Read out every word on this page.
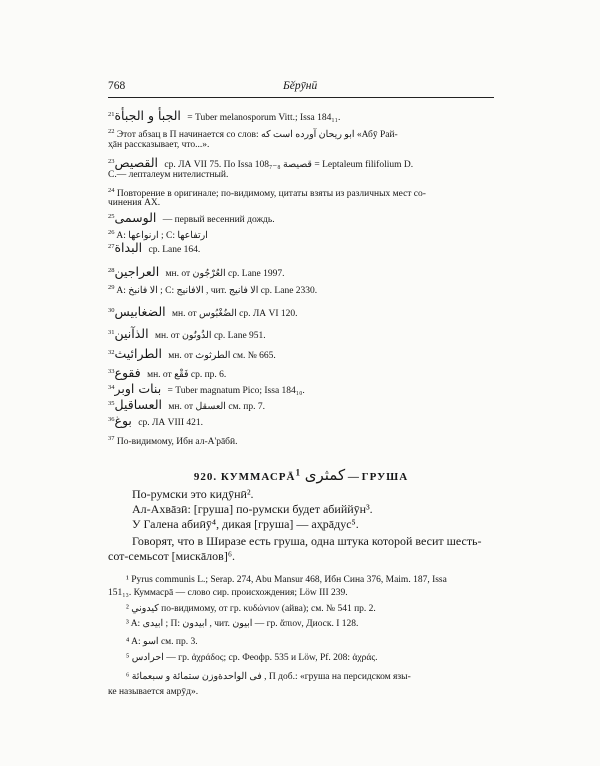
768	Бӗрӯнӣ
$^{21}$ الجبأ و الجبأة = Tuber melanosporum Vitt.; Issa 184₁₁.
$^{22}$ Этот абзац в П начинается со слов: ابو ریحان آورده است که «Абӯ Рай-
ҳāн рассказывает, что...».
$^{23}$ القصيص ср. ЛА VII 75. По Issa 108₇₋₈ قصيصة = Leptaleum filifolium D.
С.— лептaлеум нителистный.
$^{24}$ Повторение в оригинале; по-видимому, цитаты взяты из различных мест со-
чинения АХ.
$^{25}$ الوسمى — первый весенний дождь.
$^{26}$ A: ارنواعها ; C: ارتفاعها
$^{27}$ البداة ср. Lane 164.
$^{28}$ العراجين мн. от العُرْجُون ср. Lane 1997.
$^{29}$ A: الا فانبخ ; C: الافانيج , чит. الا فانيج ср. Lane 2330.
$^{30}$ الضغابيس мн. от الضُغْبُوس ср. ЛА VI 120.
$^{31}$ الذآنين мн. от الذُونُون ср. Lane 951.
$^{32}$ الطرائيث мн. от الطرثوث см. № 665.
$^{33}$ فقوع мн. от فَقْع ср. пр. 6.
$^{34}$ بنات اوبر = Tuber magnatum Pico; Issa 184₁₀.
$^{35}$ العساقيل мн. от العسقل см. пр. 7.
$^{36}$ بوغ ср. ЛА VIII 421.
$^{37}$ По-видимому, Ибн ал-А'рāбӣ.
920. КУММАСРĀ$^1$ كمثرى — ГРУША
По-румски это кидӯнӣ².
Ал-Ахвāзӣ: [груша] по-румски будет абиййӯн³.
У Галена абиӣӯ⁴, дикая [груша] — аҳрāдус⁵.
Говорят, что в Ширазе есть груша, одна штука которой весит шесть-
сот-семьсот [мискāлов]⁶.
¹ Pyrus communis L.; Serap. 274, Abu Mansur 468, Ибн Сина 376, Maim. 187, Issa
151₁₃. Куммасрā — слово сир. происхождения; Löw III 239.
² كيدوني по-видимому, от гр. κυδώνιον (айва); см. № 541 пр. 2.
³ A: ابيدى ; П: ابيدون , чит. ابيون — гр. ἄπιον, Диоск. I 128.
⁴ A: اسو см. пр. 3.
⁵ احرادس — гр. ἀχράδος; ср. Феофр. 535 и Löw, Pf. 208: ἀχράς.
⁶ فى الواحدةوزن ستمائة و سبعمائة , П доб.: «груша на персидском язы-
ке называется амрӯд».
